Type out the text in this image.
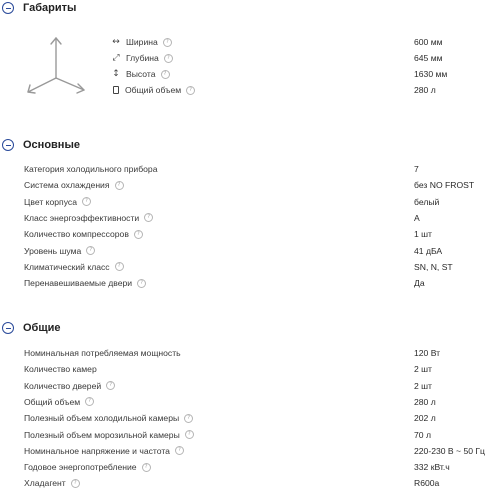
Габариты
↔ Ширина	?	600 мм
⤢ Глубина	?	645 мм
↕ Высота	?	1630 мм
Общий объем	?	280 л
Основные
Категория холодильного прибора	7
Система охлаждения	?	без NO FROST
Цвет корпуса	?	белый
Класс энергоэффективности	?	A
Количество компрессоров	?	1 шт
Уровень шума	?	41 дБА
Климатический класс	?	SN, N, ST
Перенавешиваемые двери	?	Да
Общие
Номинальная потребляемая мощность	120 Вт
Количество камер	2 шт
Количество дверей	?	2 шт
Общий объем	?	280 л
Полезный объем холодильной камеры	?	202 л
Полезный объем морозильной камеры	?	70 л
Номинальное напряжение и частота	?	220-230 В ~ 50 Гц
Годовое энергопотребление	?	332 кВт.ч
Хладагент	?	R600a
